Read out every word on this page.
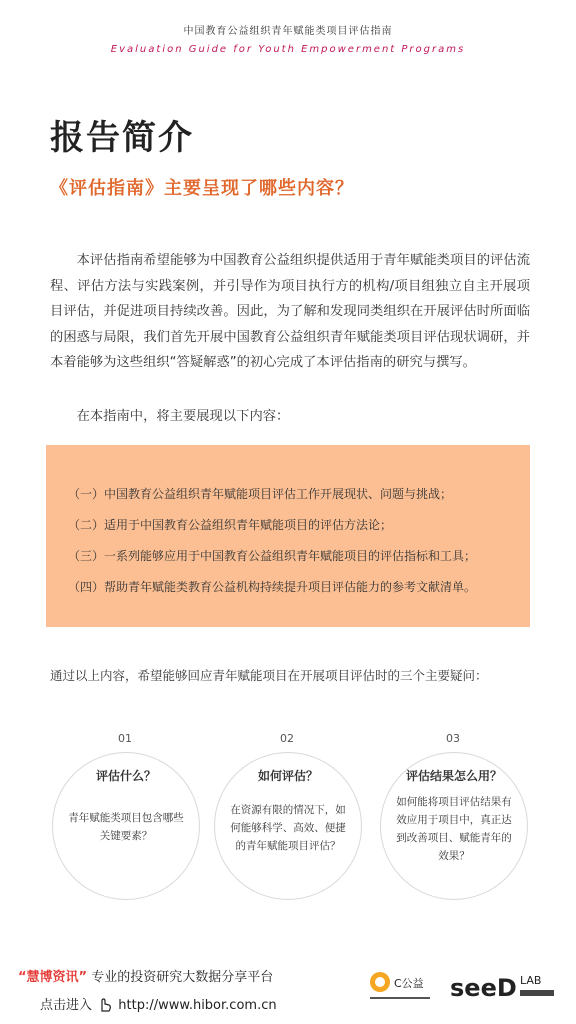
中国教育公益组织青年赋能类项目评估指南
Evaluation Guide for Youth Empowerment Programs
报告简介
《评估指南》主要呈现了哪些内容？

本评估指南希望能够为中国教育公益组织提供适用于青年赋能类项目的评估流程、评估方法与实践案例，并引导作为项目执行方的机构/项目组独立自主开展项目评估，并促进项目持续改善。因此，为了解和发现同类组织在开展评估时所面临的困惑与局限，我们首先开展中国教育公益组织青年赋能类项目评估现状调研，并本着能够为这些组织“答疑解惑”的初心完成了本评估指南的研究与撰写。

在本指南中，将主要展现以下内容：
（一）中国教育公益组织青年赋能项目评估工作开展现状、问题与挑战；
（二）适用于中国教育公益组织青年赋能项目的评估方法论；
（三）一系列能够应用于中国教育公益组织青年赋能项目的评估指标和工具；
（四）帮助青年赋能类教育公益机构持续提升项目评估能力的参考文献清单。
通过以上内容，希望能够回应青年赋能项目在开展项目评估时的三个主要疑问：
01
评估什么？
青年赋能类项目包含哪些关键要素？
02
如何评估？
在资源有限的情况下，如何能够科学、高效、便捷的青年赋能项目评估？
03
评估结果怎么用？
如何能将项目评估结果有效应用于项目中，真正达到改善项目、赋能青年的效果？
“慧博资讯” 专业的投资研究大数据分享平台
点击进入 http://www.hibor.com.cn
C公益 seeD LAB
